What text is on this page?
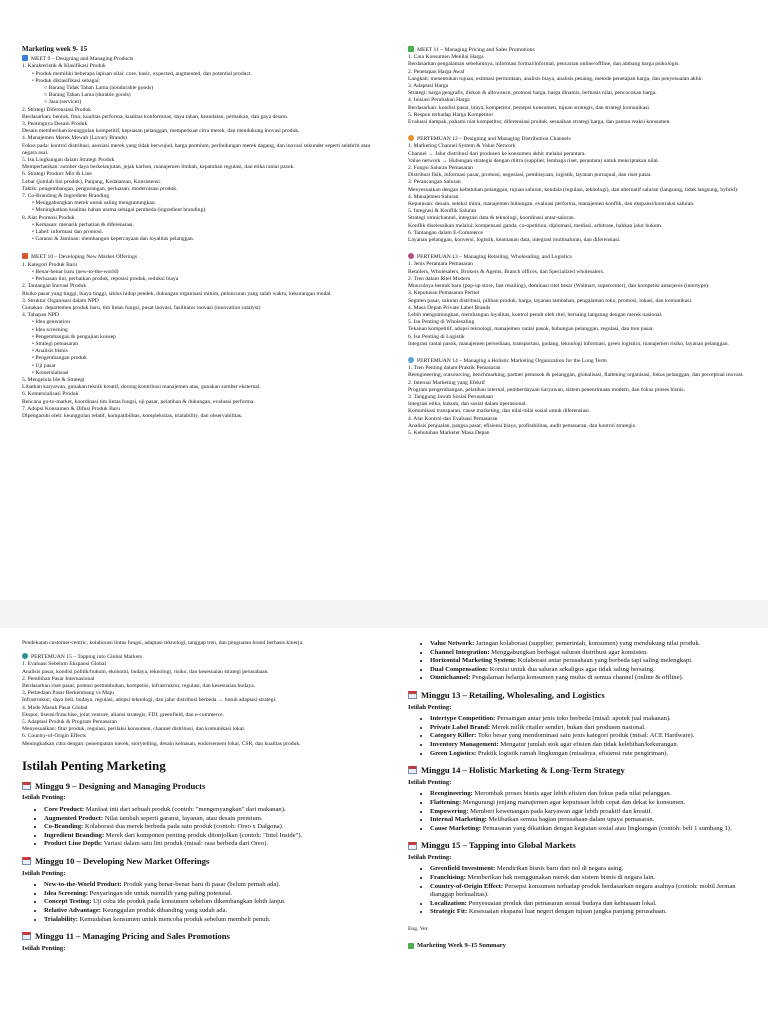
Marketing week 9- 15

MEET 9 – Designing and Managing Products

1. Karakteristik & Klasifikasi Produk

• Produk memiliki beberapa lapisan nilai: core, basic, expected, augmented, dan potential product.

• Produk diklasifikasi sebagai:

○ Barang Tidak Tahan Lama (nondurable goods)

○ Barang Tahan Lama (durable goods)

○ Jasa (services)

2. Strategi Diferensiasi Produk

Berdasarkan: bentuk, fitur, kualitas performa, kualitas konformitas, daya tahan, keandalan, perbaikan, dan gaya desain.

3. Pentingnya Desain Produk

Desain memberikan keunggulan kompetitif, kepuasan pelanggan, memperkuat citra merek, dan mendukung inovasi produk.

4. Manajemen Merek Mewah (Luxury Brands)

Fokus pada: kontrol distribusi, asosiasi merek yang tidak berwujud, harga premium, perlindungan merek dagang, dan inovasi sekunder seperti selebriti atau negara asal.

5. Isu Lingkungan dalam Strategi Produk

Memperhatikan: sumber daya berkelanjutan, jejak karbon, manajemen limbah, kepatuhan regulasi, dan etika rantai pasok.

6. Strategi Product Mix & Line

Lebar (jumlah lini produk), Panjang, Kedalaman, Konsistensi.

Taktik: pengembangan, pengurangan, perluasan, modernisasi produk.

7. Co-Branding & Ingredient Branding

• Menggabungkan merek untuk saling menguntungkan.

• Meningkatkan kualitas bahan utama sebagai pembeda (ingredient branding).

8. Alat Promosi Produk

• Kemasan: menarik perhatian & diferensiasi.

• Label: informasi dan promosi.

• Garansi & Jaminan: membangun kepercayaan dan loyalitas pelanggan.

MEET 10 – Developing New Market Offerings

1. Kategori Produk Baru

• Benar-benar baru (new-to-the-world)

• Perluasan lini, perbaikan produk, reposisi produk, reduksi biaya

2. Tantangan Inovasi Produk

Risiko pasar yang tinggi, biaya tinggi, siklus hidup pendek, dukungan organisasi minim, peluncuran yang salah waktu, kekurangan modal.

3. Struktur Organisasi dalam NPD

Gunakan: departemen produk baru, tim lintas fungsi, pusat inovasi, fasilitator inovasi (innovation catalyst)

4. Tahapan NPD

• Idea generation

• Idea screening

• Pengembangan & pengujian konsep

• Strategi pemasaran

• Analisis bisnis

• Pengembangan produk

• Uji pasar

• Komersialisasi

5. Mengelola Ide & Strategi

Libatkan karyawan, gunakan teknik kreatif, dorong kontribusi manajemen atas, gunakan sumber eksternal.

6. Komersialisasi Produk

Rencana go-to-market, koordinasi tim lintas fungsi, uji pasar, pelatihan & dukungan, evaluasi performa.

7. Adopsi Konsumen & Difusi Produk Baru

Dipengaruhi oleh: keunggulan relatif, kompatibilitas, kompleksitas, trialability, dan observabilitas.

MEET 11 – Managing Pricing and Sales Promotions

1. Cara Konsumen Menilai Harga

Berdasarkan pengalaman sebelumnya, informasi formal/informal, pencarian online/offline, dan ambang harga psikologis.

2. Penetapan Harga Awal

Langkah: menentukan tujuan, estimasi permintaan, analisis biaya, analisis pesaing, metode penetapan harga, dan penyesuaian akhir.

3. Adaptasi Harga

Strategi: harga geografis, diskon & allowance, promosi harga, harga dinamis, berbasis nilai, pencocokan harga.

4. Inisiasi Perubahan Harga

Berdasarkan: kondisi pasar, biaya, kompetitor, persepsi konsumen, tujuan strategis, dan strategi komunikasi.

5. Respon terhadap Harga Kompetitor

Evaluasi dampak, pahami niat kompetitor, diferensiasi produk, sesuaikan strategi harga, dan pantau reaksi konsumen.

PERTEMUAN 12 – Designing and Managing Distribution Channels

1. Marketing Channel System & Value Network

Channel → Jalur distribusi dari produsen ke konsumen akhir melalui perantara.

Value network → Hubungan strategis dengan mitra (supplier, lembaga riset, perantara) untuk menciptakan nilai.

2. Fungsi Saluran Pemasaran

Distribusi fisik, informasi pasar, promosi, negosiasi, pembiayaan, logistik, layanan purnajual, dan riset pasar.

3. Perancangan Saluran

Menyesuaikan dengan kebutuhan pelanggan, tujuan saluran, kendala (regulasi, teknologi), dan alternatif saluran (langsung, tidak langsung, hybrid).

4. Manajemen Saluran

Keputusan: desain, seleksi mitra, manajemen hubungan, evaluasi performa, manajemen konflik, dan ekspansi/kontraksi saluran.

5. Integrasi & Konflik Saluran

Strategi omnichannel, integrasi data & teknologi, koordinasi antar-saluran.

Konflik diselesaikan melalui: kompensasi ganda, co-opetition, diplomasi, mediasi, arbitrase, bahkan jalur hukum.

6. Tantangan dalam E-Commerce

Layanan pelanggan, konversi, logistik, keamanan data, integrasi multisaluran, dan diferensiasi.

PERTEMUAN 13 – Managing Retailing, Wholesaling, and Logistics

1. Jenis Perantara Pemasaran

Retailers, Wholesalers, Brokers & Agents, Branch offices, dan Specialized wholesalers.

2. Tren dalam Ritel Modern

Munculnya bentuk baru (pop-up store, fast retailing), dominasi ritel besar (Walmart, supercenter), dan kompetisi antarjenis (intertype).

3. Keputusan Pemasaran Peritel

Segmen pasar, saluran distribusi, pilihan produk, harga, layanan tambahan, pengalaman toko, promosi, lokasi, dan komunikasi.

4. Masa Depan Private Label Brands

Lebih menguntungkan, membangun loyalitas, kontrol penuh oleh ritel, bersaing langsung dengan merek nasional.

5. Isu Penting di Wholesaling

Tekanan kompetitif, adopsi teknologi, manajemen rantai pasok, hubungan pelanggan, regulasi, dan tren pasar.

6. Isu Penting di Logistik

Integrasi rantai pasok, manajemen persediaan, transportasi, gudang, teknologi informasi, green logistics, manajemen risiko, layanan pelanggan.

PERTEMUAN 14 – Managing a Holistic Marketing Organization for the Long Term

1. Tren Penting dalam Praktik Pemasaran

Reengineering, outsourcing, benchmarking, partner pemasok & pelanggan, globalisasi, flattening organisasi, fokus pelanggan, dan perceptual inovasi.

2. Internal Marketing yang Efektif

Program pengembangan, pelatihan internal, pemberdayaan karyawan, sistem penenrimaan modern, dan fokus proses bisnis.

3. Tanggung Jawab Sosial Perusahaan

Integrasi etika, hukum, dan sosial dalam operasional.

Komunikasi transparan, cause marketing, dan nilai-nilai sosial untuk diferensiasi.

4. Alat Kontrol dan Evaluasi Pemasaran

Analisis penjualan, pangsa pasar, efisiensi biaya, profitabilitas, audit pemasaran, dan kontrol strategis.

5. Kebutuhan Marketer Masa Depan

Pendekatan customer-centric, kolaborasi lintas fungsi, adaptasi teknologi, tanggap tren, dan penguatan brand berbasis kinerja.

PERTEMUAN 15 – Tapping into Global Markets

1. Evaluasi Sebelum Ekspansi Global

Analisis pasar, kondisi politik/hukum, ekonomi, budaya, teknologi, risiko, dan kesesuaian strategi perusahaan.

2. Pemilihan Pasar Internasional

Berdasarkan riset pasar, potensi pertumbuhan, kompetisi, infrastruktur, regulasi, dan kesesuaian budaya.

3. Perbedaan Pasar Berkembang vs Maju

Infrastruktur, daya beli, budaya, regulasi, adopsi teknologi, dan jalur distribusi berbeda → butuh adaptasi strategi.

4. Mode Masuk Pasar Global

Ekspor, lisensi/franchise, joint venture, aliansi strategis, FDI, greenfield, dan e-commerce.

5. Adaptasi Produk & Program Pemasaran

Menyesuaikan: fitur produk, regulasi, perilaku konsumen, channel distribusi, dan komunikasi lokal.

6. Country-of-Origin Effects

Meningkatkan citra dengan: penempatan merek, storytelling, desain kemasan, endorsement lokal, CSR, dan kualitas produk.

Istilah Penting Marketing
Minggu 9 – Designing and Managing Products
Istilah Penting:
• Core Product: Manfaat inti dari sebuah produk (contoh: "mengenyangkan" dari makanan).
• Augmented Product: Nilai tambah seperti garansi, layanan, atau desain premium.
• Co-Branding: Kolaborasi dua merek berbeda pada satu produk (contoh: Oreo x Dalgona).
• Ingredient Branding: Merek dari komponen penting produk ditonjolkan (contoh: "Intel Inside").
• Product Line Depth: Variasi dalam satu lini produk (misal: rasa berbeda dari Oreo).
Minggu 10 – Developing New Market Offerings
Istilah Penting:
• New-to-the-World Product: Produk yang benar-benar baru di pasar (belum pernah ada).
• Idea Screening: Penyaringan ide untuk memilih yang paling potensial.
• Concept Testing: Uji coba ide produk pada konsumen sebelum dikembangkan lebih lanjut.
• Relative Advantage: Keunggulan produk dibanding yang sudah ada.
• Trialability: Kemudahan konsumen untuk mencoba produk sebelum membeli penuh.
Minggu 11 – Managing Pricing and Sales Promotions
Istilah Penting:
• Value Network: Jaringan kolaborasi (supplier, pemerintah, konsumen) yang mendukung nilai produk.
• Channel Integration: Menggabungkan berbagai saluran distribusi agar konsisten.
• Horizontal Marketing System: Kolaborasi antar perusahaan yang berbeda tapi saling melengkapi.
• Dual Compensation: Komisi untuk dua saluran sekaligus agar tidak saling bersaing.
• Omnichannel: Pengalaman belanja konsumen yang mulus di semua channel (online & offline).
Minggu 13 – Retailing, Wholesaling, and Logistics
Istilah Penting:
• Intertype Competition: Persaingan antar jenis toko berbeda (misal: apotek jual makanan).
• Private Label Brand: Merek milik ritailer sendiri, bukan dari produsen nasional.
• Category Killer: Toko besar yang mendominasi satu jenis kategori produk (misal: ACE Hardware).
• Inventory Management: Mengatur jumlah stok agar efisien dan tidak kelebihan/kekurangan.
• Green Logistics: Praktik logistik ramah lingkungan (misalnya, efisiensi rute pengiriman).
Minggu 14 – Holistic Marketing & Long-Term Strategy
Istilah Penting:
• Reengineering: Merombak proses bisnis agar lebih efisien dan fokus pada nilai pelanggan.
• Flattening: Mengurangi jenjang manajemen agar keputusan lebih cepat dan dekat ke konsumen.
• Empowering: Memberi kewenangan pada karyawan agar lebih proaktif dan kreatif.
• Internal Marketing: Melibatkan semua bagian perusahaan dalam upaya pemasaran.
• Cause Marketing: Pemasaran yang dikaitkan dengan kegiatan sosial atau lingkungan (contoh: beli 1 sumbang 1).
Minggu 15 – Tapping into Global Markets
Istilah Penting:
• Greenfield Investment: Mendirikan bisnis baru dari nol di negara asing.
• Franchising: Memberikan hak menggunakan merek dan sistem bisnis di negara lain.
• Country-of-Origin Effect: Persepsi konsumen terhadap produk berdasarkan negara asalnya (contoh: mobil Jerman dianggap berkualitas).
• Localization: Penyesuaian produk dan pemasaran sesuai budaya dan kebiasaan lokal.
• Strategic Fit: Kesesuaian ekspansi luar negeri dengan tujuan jangka panjang perusahaan.
Eng. Ver.
Marketing Week 9–15 Summary
